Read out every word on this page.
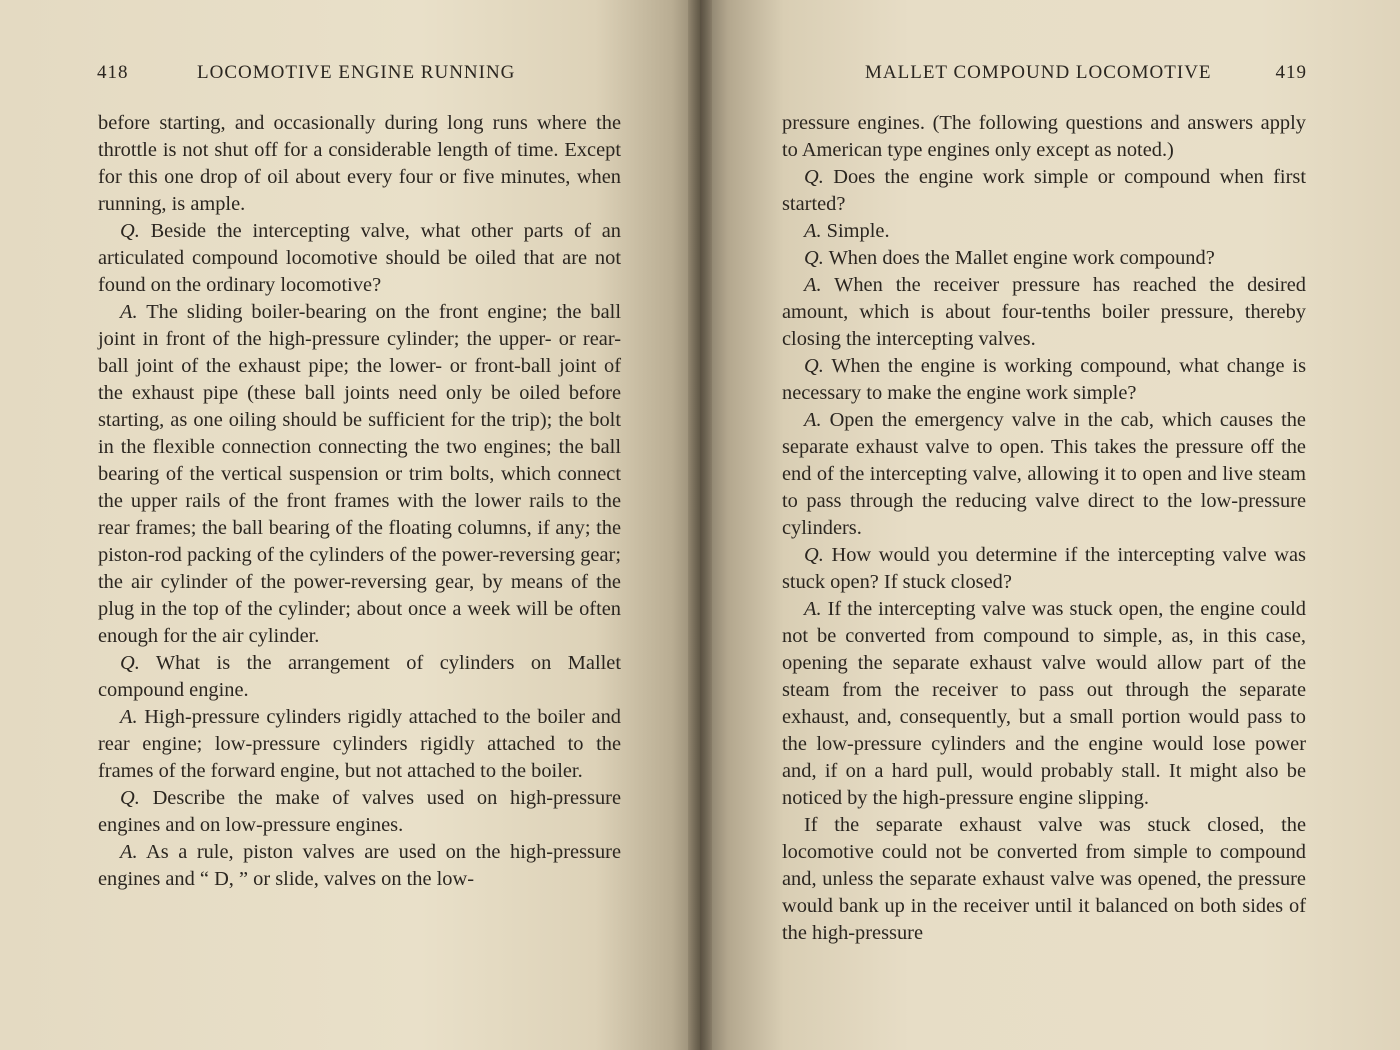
418	LOCOMOTIVE ENGINE RUNNING

before starting, and occasionally during long runs where the throttle is not shut off for a considerable length of time. Except for this one drop of oil about every four or five minutes, when running, is ample.

Q. Beside the intercepting valve, what other parts of an articulated compound locomotive should be oiled that are not found on the ordinary locomotive?

A. The sliding boiler-bearing on the front engine; the ball joint in front of the high-pressure cylinder; the upper- or rear-ball joint of the exhaust pipe; the lower- or front-ball joint of the exhaust pipe (these ball joints need only be oiled before starting, as one oiling should be sufficient for the trip); the bolt in the flexible connection connecting the two engines; the ball bearing of the vertical suspension or trim bolts, which connect the upper rails of the front frames with the lower rails to the rear frames; the ball bearing of the floating columns, if any; the piston-rod packing of the cylinders of the power-reversing gear; the air cylinder of the power-reversing gear, by means of the plug in the top of the cylinder; about once a week will be often enough for the air cylinder.

Q. What is the arrangement of cylinders on Mallet compound engine.

A. High-pressure cylinders rigidly attached to the boiler and rear engine; low-pressure cylinders rigidly attached to the frames of the forward engine, but not attached to the boiler.

Q. Describe the make of valves used on high-pressure engines and on low-pressure engines.

A. As a rule, piston valves are used on the high-pressure engines and “ D, ” or slide, valves on the low-

MALLET COMPOUND LOCOMOTIVE	419

pressure engines. (The following questions and answers apply to American type engines only except as noted.)

Q. Does the engine work simple or compound when first started?

A. Simple.

Q. When does the Mallet engine work compound?

A. When the receiver pressure has reached the desired amount, which is about four-tenths boiler pressure, thereby closing the intercepting valves.

Q. When the engine is working compound, what change is necessary to make the engine work simple?

A. Open the emergency valve in the cab, which causes the separate exhaust valve to open. This takes the pressure off the end of the intercepting valve, allowing it to open and live steam to pass through the reducing valve direct to the low-pressure cylinders.

Q. How would you determine if the intercepting valve was stuck open? If stuck closed?

A. If the intercepting valve was stuck open, the engine could not be converted from compound to simple, as, in this case, opening the separate exhaust valve would allow part of the steam from the receiver to pass out through the separate exhaust, and, consequently, but a small portion would pass to the low-pressure cylinders and the engine would lose power and, if on a hard pull, would probably stall. It might also be noticed by the high-pressure engine slipping.

If the separate exhaust valve was stuck closed, the locomotive could not be converted from simple to compound and, unless the separate exhaust valve was opened, the pressure would bank up in the receiver until it balanced on both sides of the high-pressure
